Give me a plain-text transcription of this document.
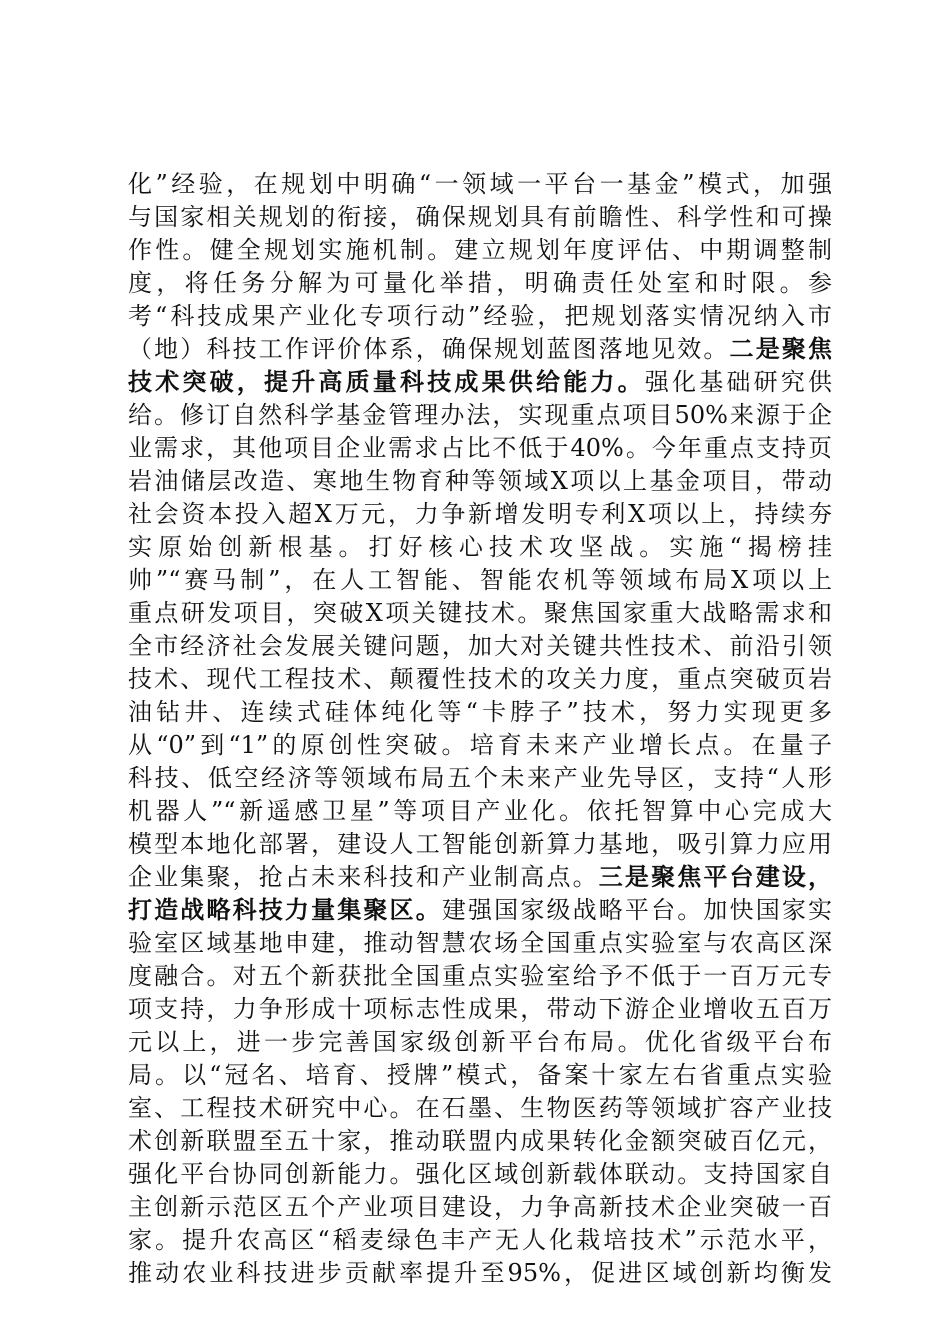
化”经验，在规划中明确“一领域一平台一基金”模式，加强
与国家相关规划的衔接，确保规划具有前瞻性、科学性和可操
作性。健全规划实施机制。建立规划年度评估、中期调整制
度，将任务分解为可量化举措，明确责任处室和时限。参
考“科技成果产业化专项行动”经验，把规划落实情况纳入市
（地）科技工作评价体系，确保规划蓝图落地见效。二是聚焦
技术突破，提升高质量科技成果供给能力。强化基础研究供
给。修订自然科学基金管理办法，实现重点项目50%来源于企
业需求，其他项目企业需求占比不低于40%。今年重点支持页
岩油储层改造、寒地生物育种等领域X项以上基金项目，带动
社会资本投入超X万元，力争新增发明专利X项以上，持续夯
实原始创新根基。打好核心技术攻坚战。实施“揭榜挂
帅”“赛马制”，在人工智能、智能农机等领域布局X项以上
重点研发项目，突破X项关键技术。聚焦国家重大战略需求和
全市经济社会发展关键问题，加大对关键共性技术、前沿引领
技术、现代工程技术、颠覆性技术的攻关力度，重点突破页岩
油钻井、连续式硅体纯化等“卡脖子”技术，努力实现更多
从“0”到“1”的原创性突破。培育未来产业增长点。在量子
科技、低空经济等领域布局五个未来产业先导区，支持“人形
机器人”“新遥感卫星”等项目产业化。依托智算中心完成大
模型本地化部署，建设人工智能创新算力基地，吸引算力应用
企业集聚，抢占未来科技和产业制高点。三是聚焦平台建设，
打造战略科技力量集聚区。建强国家级战略平台。加快国家实
验室区域基地申建，推动智慧农场全国重点实验室与农高区深
度融合。对五个新获批全国重点实验室给予不低于一百万元专
项支持，力争形成十项标志性成果，带动下游企业增收五百万
元以上，进一步完善国家级创新平台布局。优化省级平台布
局。以“冠名、培育、授牌”模式，备案十家左右省重点实验
室、工程技术研究中心。在石墨、生物医药等领域扩容产业技
术创新联盟至五十家，推动联盟内成果转化金额突破百亿元，
强化平台协同创新能力。强化区域创新载体联动。支持国家自
主创新示范区五个产业项目建设，力争高新技术企业突破一百
家。提升农高区“稻麦绿色丰产无人化栽培技术”示范水平，
推动农业科技进步贡献率提升至95%，促进区域创新均衡发
